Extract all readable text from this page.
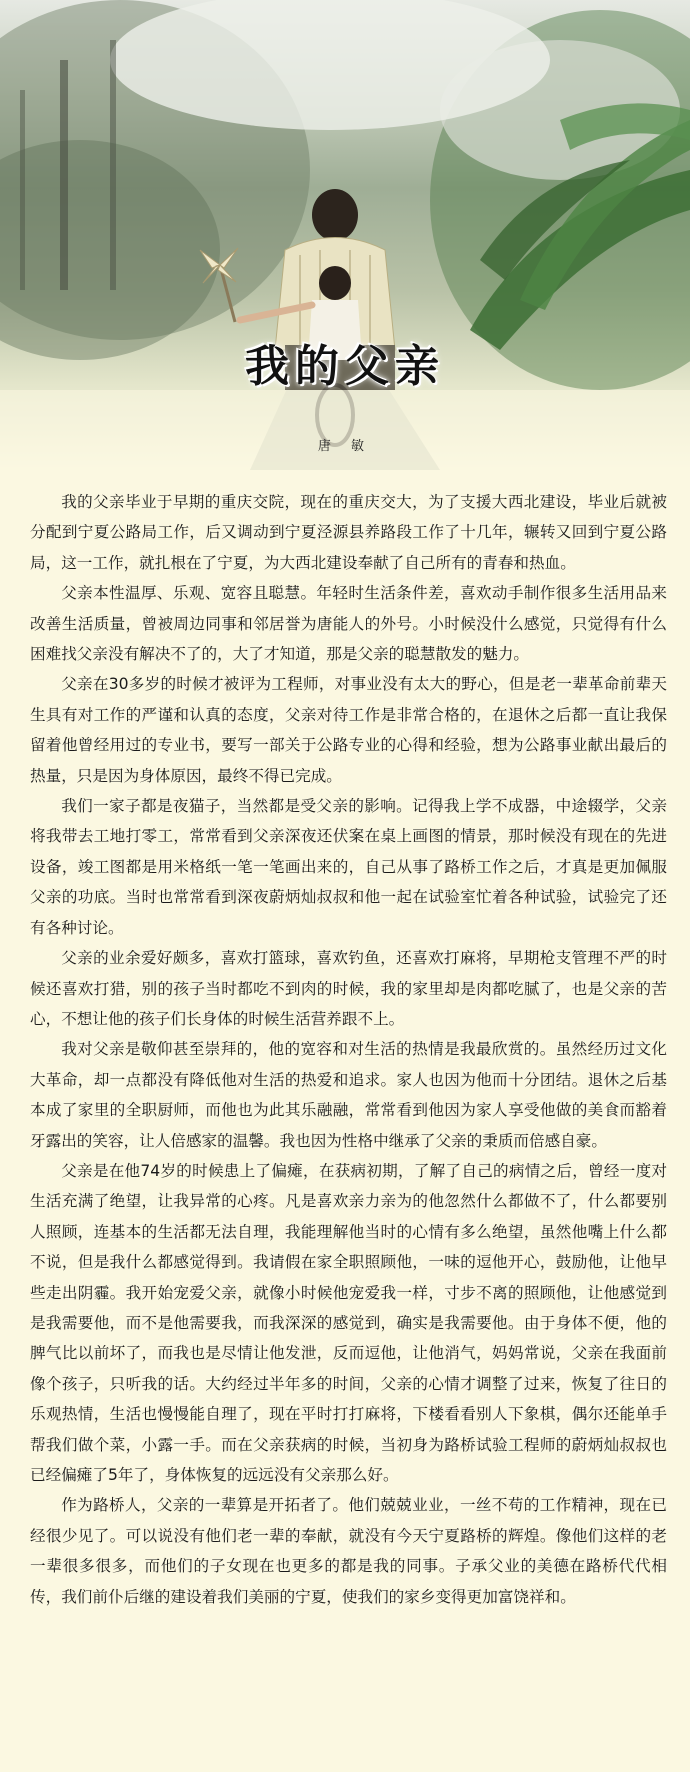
我的父亲
唐 敏

我的父亲毕业于早期的重庆交院，现在的重庆交大，为了支援大西北建设，毕业后就被分配到宁夏公路局工作，后又调动到宁夏泾源县养路段工作了十几年，辗转又回到宁夏公路局，这一工作，就扎根在了宁夏，为大西北建设奉献了自己所有的青春和热血。

父亲本性温厚、乐观、宽容且聪慧。年轻时生活条件差，喜欢动手制作很多生活用品来改善生活质量，曾被周边同事和邻居誉为唐能人的外号。小时候没什么感觉，只觉得有什么困难找父亲没有解决不了的，大了才知道，那是父亲的聪慧散发的魅力。

父亲在30多岁的时候才被评为工程师，对事业没有太大的野心，但是老一辈革命前辈天生具有对工作的严谨和认真的态度，父亲对待工作是非常合格的，在退休之后都一直让我保留着他曾经用过的专业书，要写一部关于公路专业的心得和经验，想为公路事业献出最后的热量，只是因为身体原因，最终不得已完成。

我们一家子都是夜猫子，当然都是受父亲的影响。记得我上学不成器，中途辍学，父亲将我带去工地打零工，常常看到父亲深夜还伏案在桌上画图的情景，那时候没有现在的先进设备，竣工图都是用米格纸一笔一笔画出来的，自己从事了路桥工作之后，才真是更加佩服父亲的功底。当时也常常看到深夜蔚炳灿叔叔和他一起在试验室忙着各种试验，试验完了还有各种讨论。

父亲的业余爱好颇多，喜欢打篮球，喜欢钓鱼，还喜欢打麻将，早期枪支管理不严的时候还喜欢打猎，别的孩子当时都吃不到肉的时候，我的家里却是肉都吃腻了，也是父亲的苦心，不想让他的孩子们长身体的时候生活营养跟不上。

我对父亲是敬仰甚至崇拜的，他的宽容和对生活的热情是我最欣赏的。虽然经历过文化大革命，却一点都没有降低他对生活的热爱和追求。家人也因为他而十分团结。退休之后基本成了家里的全职厨师，而他也为此其乐融融，常常看到他因为家人享受他做的美食而豁着牙露出的笑容，让人倍感家的温馨。我也因为性格中继承了父亲的秉质而倍感自豪。

父亲是在他74岁的时候患上了偏瘫，在获病初期，了解了自己的病情之后，曾经一度对生活充满了绝望，让我异常的心疼。凡是喜欢亲力亲为的他忽然什么都做不了，什么都要别人照顾，连基本的生活都无法自理，我能理解他当时的心情有多么绝望，虽然他嘴上什么都不说，但是我什么都感觉得到。我请假在家全职照顾他，一味的逗他开心，鼓励他，让他早些走出阴霾。我开始宠爱父亲，就像小时候他宠爱我一样，寸步不离的照顾他，让他感觉到是我需要他，而不是他需要我，而我深深的感觉到，确实是我需要他。由于身体不便，他的脾气比以前坏了，而我也是尽情让他发泄，反而逗他，让他消气，妈妈常说，父亲在我面前像个孩子，只听我的话。大约经过半年多的时间，父亲的心情才调整了过来，恢复了往日的乐观热情，生活也慢慢能自理了，现在平时打打麻将，下楼看看别人下象棋，偶尔还能单手帮我们做个菜，小露一手。而在父亲获病的时候，当初身为路桥试验工程师的蔚炳灿叔叔也已经偏瘫了5年了，身体恢复的远远没有父亲那么好。

作为路桥人，父亲的一辈算是开拓者了。他们兢兢业业，一丝不苟的工作精神，现在已经很少见了。可以说没有他们老一辈的奉献，就没有今天宁夏路桥的辉煌。像他们这样的老一辈很多很多，而他们的子女现在也更多的都是我的同事。子承父业的美德在路桥代代相传，我们前仆后继的建设着我们美丽的宁夏，使我们的家乡变得更加富饶祥和。
